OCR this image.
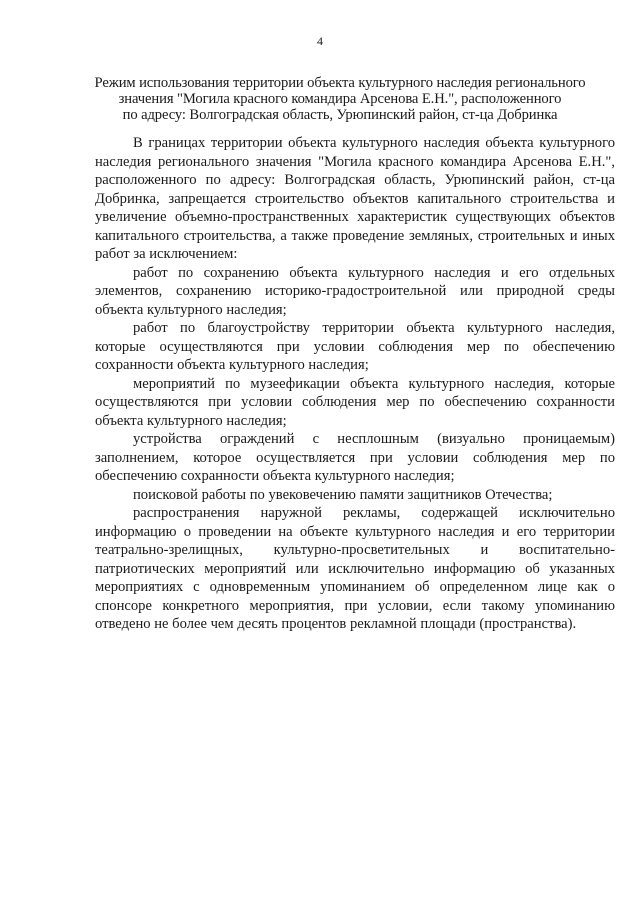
4
Режим использования территории объекта культурного наследия регионального
значения "Могила красного командира Арсенова Е.Н.", расположенного
по адресу: Волгоградская область, Урюпинский район, ст-ца Добринка

В границах территории объекта культурного наследия объекта культурного наследия регионального значения "Могила красного командира Арсенова Е.Н.", расположенного по адресу: Волгоградская область, Урюпинский район, ст-ца Добринка, запрещается строительство объектов капитального строительства и увеличение объемно-пространственных характеристик существующих объектов капитального строительства, а также проведение земляных, строительных и иных работ за исключением:

работ по сохранению объекта культурного наследия и его отдельных элементов, сохранению историко-градостроительной или природной среды объекта культурного наследия;

работ по благоустройству территории объекта культурного наследия, которые осуществляются при условии соблюдения мер по обеспечению сохранности объекта культурного наследия;

мероприятий по музеефикации объекта культурного наследия, которые осуществляются при условии соблюдения мер по обеспечению сохранности объекта культурного наследия;

устройства ограждений с несплошным (визуально проницаемым) заполнением, которое осуществляется при условии соблюдения мер по обеспечению сохранности объекта культурного наследия;

поисковой работы по увековечению памяти защитников Отечества;

распространения наружной рекламы, содержащей исключительно информацию о проведении на объекте культурного наследия и его территории театрально-зрелищных, культурно-просветительных и воспитательно-патриотических мероприятий или исключительно информацию об указанных мероприятиях с одновременным упоминанием об определенном лице как о спонсоре конкретного мероприятия, при условии, если такому упоминанию отведено не более чем десять процентов рекламной площади (пространства).
